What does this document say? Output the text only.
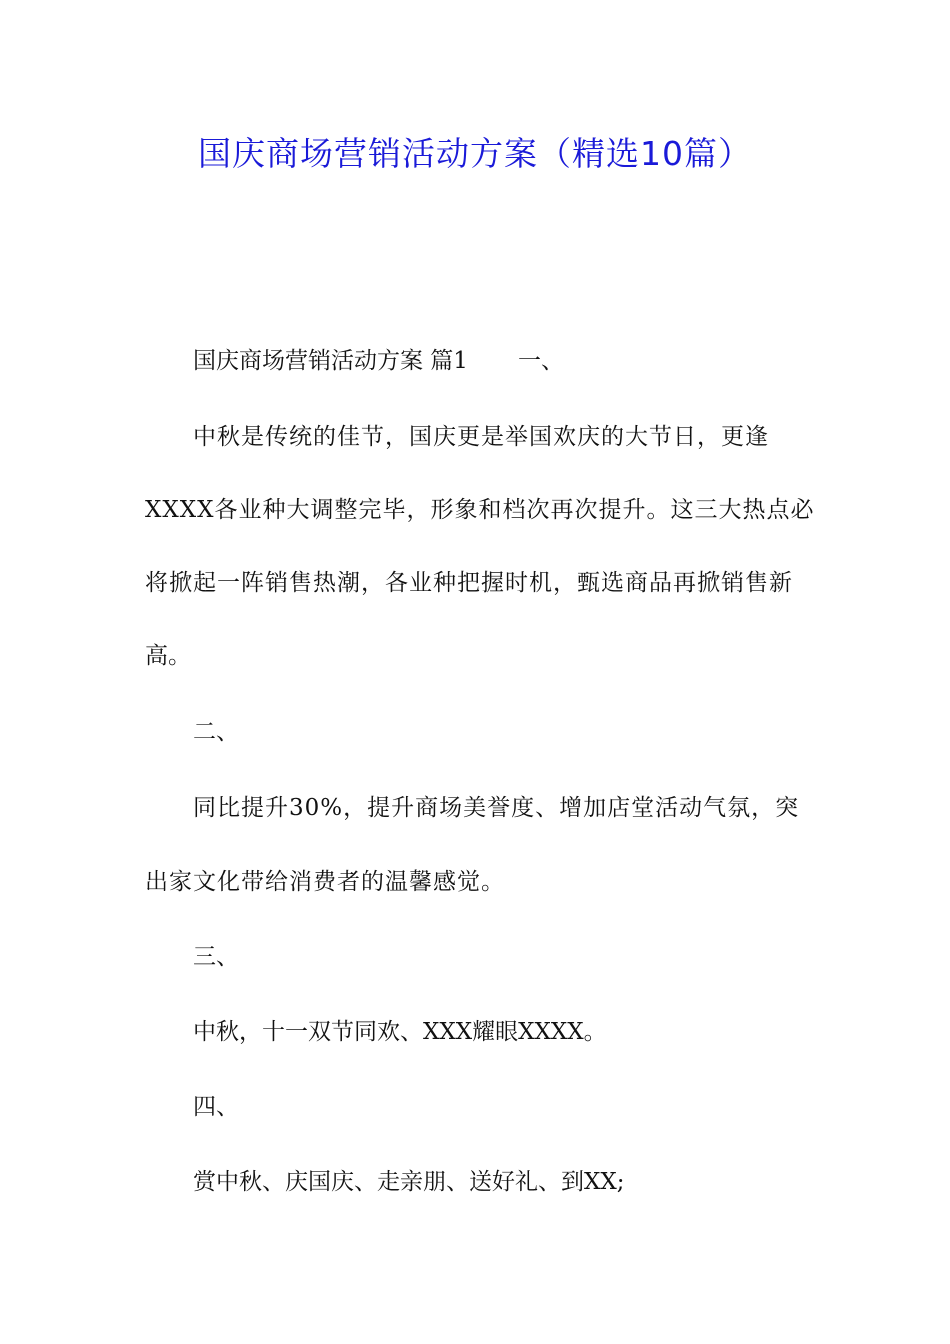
国庆商场营销活动方案（精选10篇）
国庆商场营销活动方案 篇1 一、
中秋是传统的佳节，国庆更是举国欢庆的大节日，更逢
XXXX各业种大调整完毕，形象和档次再次提升。这三大热点必
将掀起一阵销售热潮，各业种把握时机，甄选商品再掀销售新
高。
二、
同比提升30%，提升商场美誉度、增加店堂活动气氛，突
出家文化带给消费者的温馨感觉。
三、
中秋，十一双节同欢、XXX耀眼XXXX。
四、
赏中秋、庆国庆、走亲朋、送好礼、到XX;
